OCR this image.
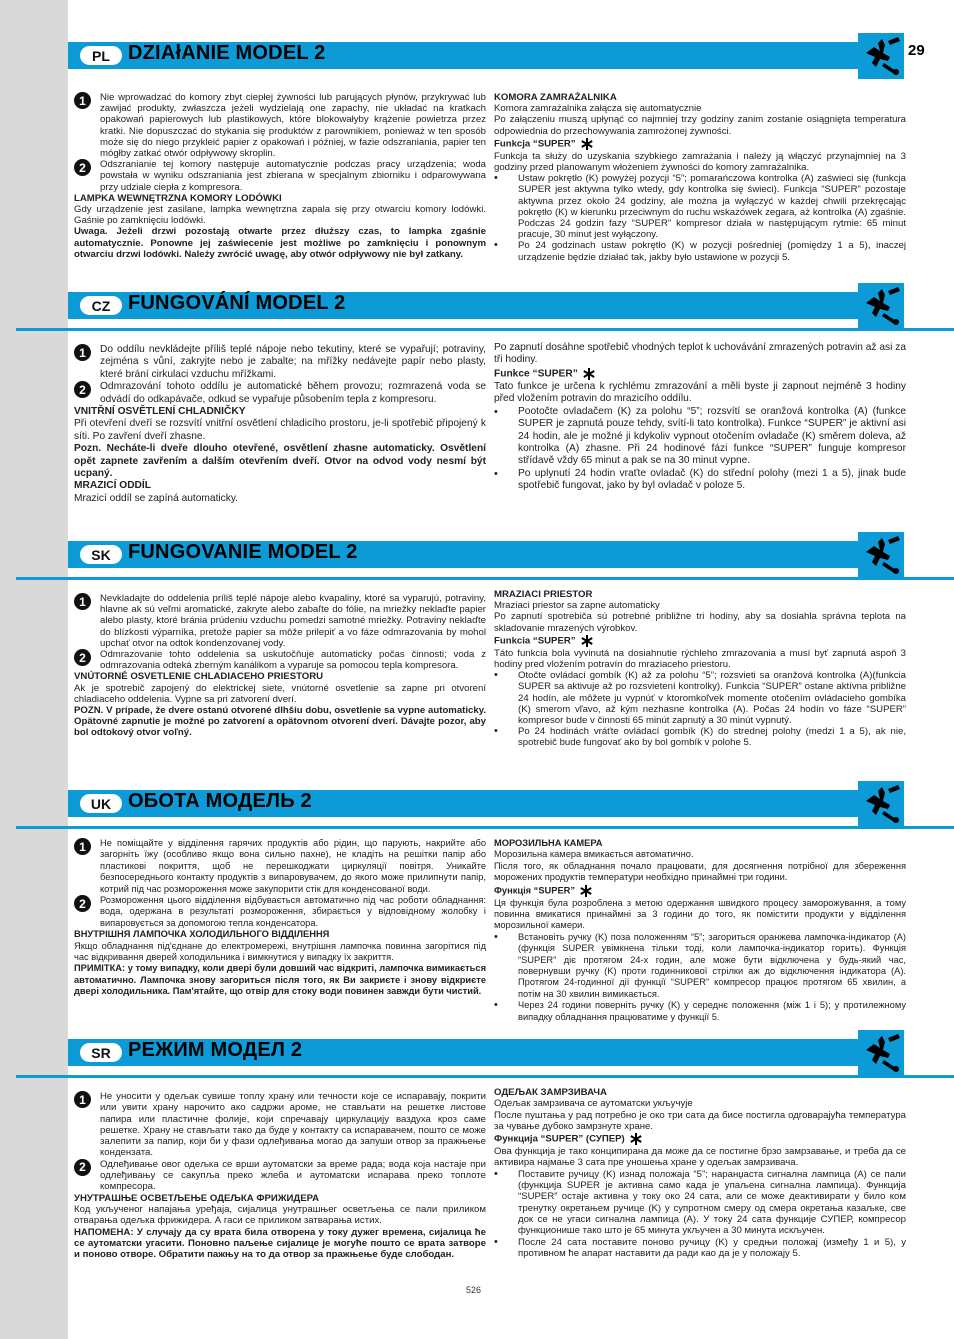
PL DZIAłANIE MODEL 2	29
1	Nie wprowadzać do komory zbyt ciepłej żywności lub parujących płynów, przykrywać lub zawijać produkty, zwłaszcza jeżeli wydzielają one zapachy, nie układać na kratkach opakowań papierowych lub plastikowych, które blokowałyby krążenie powietrza przez kratki. Nie dopuszczać do stykania się produktów z parownikiem, ponieważ w ten sposób może się do niego przykleić papier z opakowań i później, w fazie odszraniania, papier ten mógłby zatkać otwór odpływowy skroplin.

2	Odszranianie tej komory następuje automatycznie podczas pracy urządzenia; woda powstała w wyniku odszraniania jest zbierana w specjalnym zbiorniku i odparowywana przy udziale ciepła z kompresora.

LAMPKA WEWNĘTRZNA KOMORY LODÓWKI

Gdy urządzenie jest zasilane, lampka wewnętrzna zapala się przy otwarciu komory lodówki. Gaśnie po zamknięciu lodówki.

Uwaga. Jeżeli drzwi pozostają otwarte przez dłuższy czas, to lampka zgaśnie automatycznie. Ponowne jej zaświecenie jest możliwe po zamknięciu i ponownym otwarciu drzwi lodówki. Należy zwrócić uwagę, aby otwór odpływowy nie był zatkany.

KOMORA ZAMRAŻALNIKA

Komora zamrażalnika załącza się automatycznie

Po załączeniu muszą upłynąć co najmniej trzy godziny zanim zostanie osiągnięta temperatura odpowiednia do przechowywania zamrożonej żywności.

Funkcja “SUPER”

Funkcja ta służy do uzyskania szybkiego zamrażania i należy ją włączyć przynajmniej na 3 godziny przed planowanym włożeniem żywności do komory zamrażalnika.

• Ustaw pokrętło (K) powyżej pozycji “5”; pomarańczowa kontrolka (A) zaświeci się (funkcja SUPER jest aktywna tylko wtedy, gdy kontrolka się świeci). Funkcja “SUPER” pozostaje aktywna przez około 24 godziny, ale można ja wyłączyć w każdej chwili przekręcając pokrętło (K) w kierunku przeciwnym do ruchu wskazówek zegara, aż kontrolka (A) zgaśnie. Podczas 24 godzin fazy “SUPER” kompresor działa w następującym rytmie: 65 minut pracuje, 30 minut jest wyłączony.

• Po 24 godzinach ustaw pokrętło (K) w pozycji pośredniej (pomiędzy 1 a 5), inaczej urządzenie będzie działać tak, jakby było ustawione w pozycji 5.

CZ FUNGOVÁNÍ MODEL 2
1	Do oddílu nevkládejte příliš teplé nápoje nebo tekutiny, které se vypařují; potraviny, zejména s vůní, zakryjte nebo je zabalte; na mřížky nedávejte papír nebo plasty, které brání cirkulaci vzduchu mřížkami.

2	Odmrazování tohoto oddílu je automatické během provozu; rozmrazená voda se odvádí do odkapávače, odkud se vypařuje působením tepla z kompresoru.

VNITŘNÍ OSVĚTLENÍ CHLADNIČKY

Při otevření dveří se rozsvítí vnitřní osvětlení chladicího prostoru, je-li spotřebič připojený k síti. Po zavření dveří zhasne.

Pozn. Necháte-li dveře dlouho otevřené, osvětlení zhasne automaticky. Osvětlení opět zapnete zavřením a dalším otevřením dveří. Otvor na odvod vody nesmí být ucpaný.

MRAZICÍ ODDÍL

Mrazicí oddíl se zapíná automaticky.

Po zapnutí dosáhne spotřebič vhodných teplot k uchovávání zmrazených potravin až asi za tři hodiny.

Funkce “SUPER”

Tato funkce je určena k rychlému zmrazování a měli byste ji zapnout nejméně 3 hodiny před vložením potravin do mrazicího oddílu.

• Pootočte ovladačem (K) za polohu “5”; rozsvítí se oranžová kontrolka (A) (funkce SUPER je zapnutá pouze tehdy, svítí-li tato kontrolka). Funkce “SUPER” je aktivní asi 24 hodin, ale je možné ji kdykoliv vypnout otočením ovladače (K) směrem doleva, až kontrolka (A) zhasne. Při 24 hodinové fázi funkce “SUPER” funguje kompresor střídavě vždy 65 minut a pak se na 30 minut vypne.

• Po uplynutí 24 hodin vraťte ovladač (K) do střední polohy (mezi 1 a 5), jinak bude spotřebič fungovat, jako by byl ovladač v poloze 5.

SK FUNGOVANIE MODEL 2
1	Nevkladajte do oddelenia príliš teplé nápoje alebo kvapaliny, ktoré sa vyparujú, potraviny, hlavne ak sú veľmi aromatické, zakryte alebo zabaľte do fólie, na mriežky neklaďte papier alebo plasty, ktoré bránia prúdeniu vzduchu pomedzi samotné mriežky. Potraviny neklaďte do blízkosti výparníka, pretože papier sa môže prilepiť a vo fáze odmrazovania by mohol upchať otvor na odtok kondenzovanej vody.

2	Odmrazovanie tohto oddelenia sa uskutočňuje automaticky počas činnosti; voda z odmrazovania odteká zberným kanálikom a vyparuje sa pomocou tepla kompresora.

VNÚTORNÉ OSVETLENIE CHLADIACEHO PRIESTORU

Ak je spotrebič zapojený do elektrickej siete, vnútorné osvetlenie sa zapne pri otvorení chladiaceho oddelenia. Vypne sa pri zatvorení dverí.

POZN. V prípade, že dvere ostanú otvorené dlhšiu dobu, osvetlenie sa vypne automaticky. Opätovné zapnutie je možné po zatvorení a opätovnom otvorení dverí. Dávajte pozor, aby bol odtokový otvor voľný.

MRAZIACI PRIESTOR

Mraziaci priestor sa zapne automaticky

Po zapnutí spotrebiča sú potrebné približne tri hodiny, aby sa dosiahla správna teplota na skladovanie mrazených výrobkov.

Funkcia “SUPER”

Táto funkcia bola vyvinutá na dosiahnutie rýchleho zmrazovania a musí byť zapnutá aspoň 3 hodiny pred vložením potravín do mraziaceho priestoru.

• Otočte ovládací gombík (K) až za polohu “5”; rozsvieti sa oranžová kontrolka (A)(funkcia SUPER sa aktivuje až po rozsvietení kontrolky). Funkcia “SUPER” ostane aktívna približne 24 hodín, ale môžete ju vypnúť v ktoromkoľvek momente otočením ovládacieho gombíka (K) smerom vľavo, až kým nezhasne kontrolka (A). Počas 24 hodín vo fáze “SUPER” kompresor bude v činnosti 65 minút zapnutý a 30 minút vypnutý.

• Po 24 hodinách vráťte ovládací gombík (K) do strednej polohy (medzi 1 a 5), ak nie, spotrebič bude fungovať ako by bol gombík v polohe 5.

UK ОБОТА МОДЕЛЬ 2
1	Не поміщайте у відділення гарячих продуктів або рідин, що парують, накрийте або загорніть їжу (особливо якщо вона сильно пахне), не кладіть на решітки папір або пластикові покриття, щоб не перешкоджати циркуляції повітря. Уникайте безпосереднього контакту продуктів з випаровувачем, до якого може прилипнути папір, котрий під час розмороження може закупорити стік для конденсованої води.

2	Розмороження цього відділення відбувається автоматично під час роботи обладнання: вода, одержана в результаті розмороження, збирається у відповідному жолобку і випаровується за допомогою тепла конденсатора.

ВНУТРІШНЯ ЛАМПОЧКА ХОЛОДИЛЬНОГО ВІДДІЛЕННЯ

Якщо обладнання під'єднане до електромережі, внутрішня лампочка повинна загорітися під час відкривання дверей холодильника і вимкнутися у випадку їх закриття.

ПРИМІТКА: у тому випадку, коли двері були довший час відкриті, лампочка вимикається автоматично. Лампочка знову загориться після того, як Ви закриєте і знову відкриєте двері холодильника. Пам'ятайте, що отвір для стоку води повинен завжди бути чистий.

МОРОЗИЛЬНА КАМЕРА

Морозильна камера вмикається автоматично.

Після того, як обладнання почало працювати, для досягнення потрібної для збереження морожених продуктів температури необхідно принаймні три години.

Функція “SUPER”

Ця функція була розроблена з метою одержання швидкого процесу заморожування, а тому повинна вмикатися принаймні за 3 години до того, як помістити продукти у відділення морозильної камери.

• Встановіть ручку (K) поза положенням “5”; загориться оранжева лампочка-індикатор (A) (функція SUPER увімкнена тільки тоді, коли лампочка-індикатор горить). Функція “SUPER” діє протягом 24-х годин, але може бути відключена у будь-який час, повернувши ручку (K) проти годинникової стрілки аж до відключення індикатора (A). Протягом 24-годинної дії функції “SUPER” компресор працює протягом 65 хвилин, а потім на 30 хвилин вимикається.

• Через 24 години поверніть ручку (K) у середнє положення (між 1 і 5); у протилежному випадку обладнання працюватиме у функції 5.

SR РЕЖИМ МОДЕЛ 2
1	Не уносити у одељак сувише топлу храну или течности које се испаравају, покрити или увити храну нарочито ако садржи ароме, не стављати на решетке листове папира или пластичне фолије, који спречавају циркулацију ваздуха кроз саме решетке. Храну не стављати тако да буде у контакту са испаравачем, пошто се може залепити за папир, који би у фази одлеђивања могао да запуши отвор за пражњење кондензата.

2	Одлеђивање овог одељка се врши аутоматски за време рада; вода која настаје при одлеђивању се сакупља преко жлеба и аутоматски испарава преко топлоте компресора.

УНУТРАШЊЕ ОСВЕТЉЕЊЕ ОДЕЉКА ФРИЖИДЕРА

Код укљученог напајања уређаја, сијалица унутрашњег осветљења се пали приликом отварања одељка фрижидера. А гаси се приликом затварања истих.

НАПОМЕНА: У случају да су врата била отворена у току дужег времена, сијалица ће се аутоматски угасити. Поновно паљење сијалице је могуће пошто се врата затворе и поново отворе. Обратити пажњу на то да отвор за пражњење буде слободан.

ОДЕЉАК ЗАМРЗИВАЧА

Одељак замрзивача се аутоматски укључује

После пуштања у рад потребно је око три сата да бисе постигла одговарајућа температура за чување дубоко замрзнуте хране.

Функција “SUPER” (СУПЕР)

Ова функција је тако конципирана да може да се постигне брзо замрзавање, и треба да се активира најмање 3 сата пре уношења хране у одељак замрзивача.

• Поставите ручицу (K) изнад положаја “5”; наранџаста сигнална лампица (A) се пали (функција SUPER је активна само када је упаљена сигнална лампица). Функција “SUPER” остаје активна у току око 24 сата, али се може деактивирати у било ком тренутку окретањем ручице (K) у супротном смеру од смера окретања казаљке, све док се не угаси сигнална лампица (A). У току 24 сата функције СУПЕР, компресор функционише тако што је 65 минута укључен а 30 минута искључен.

• После 24 сата поставите поново ручицу (K) у средњи положај (између 1 и 5), у противном ће апарат наставити да ради као да је у положају 5.

526
